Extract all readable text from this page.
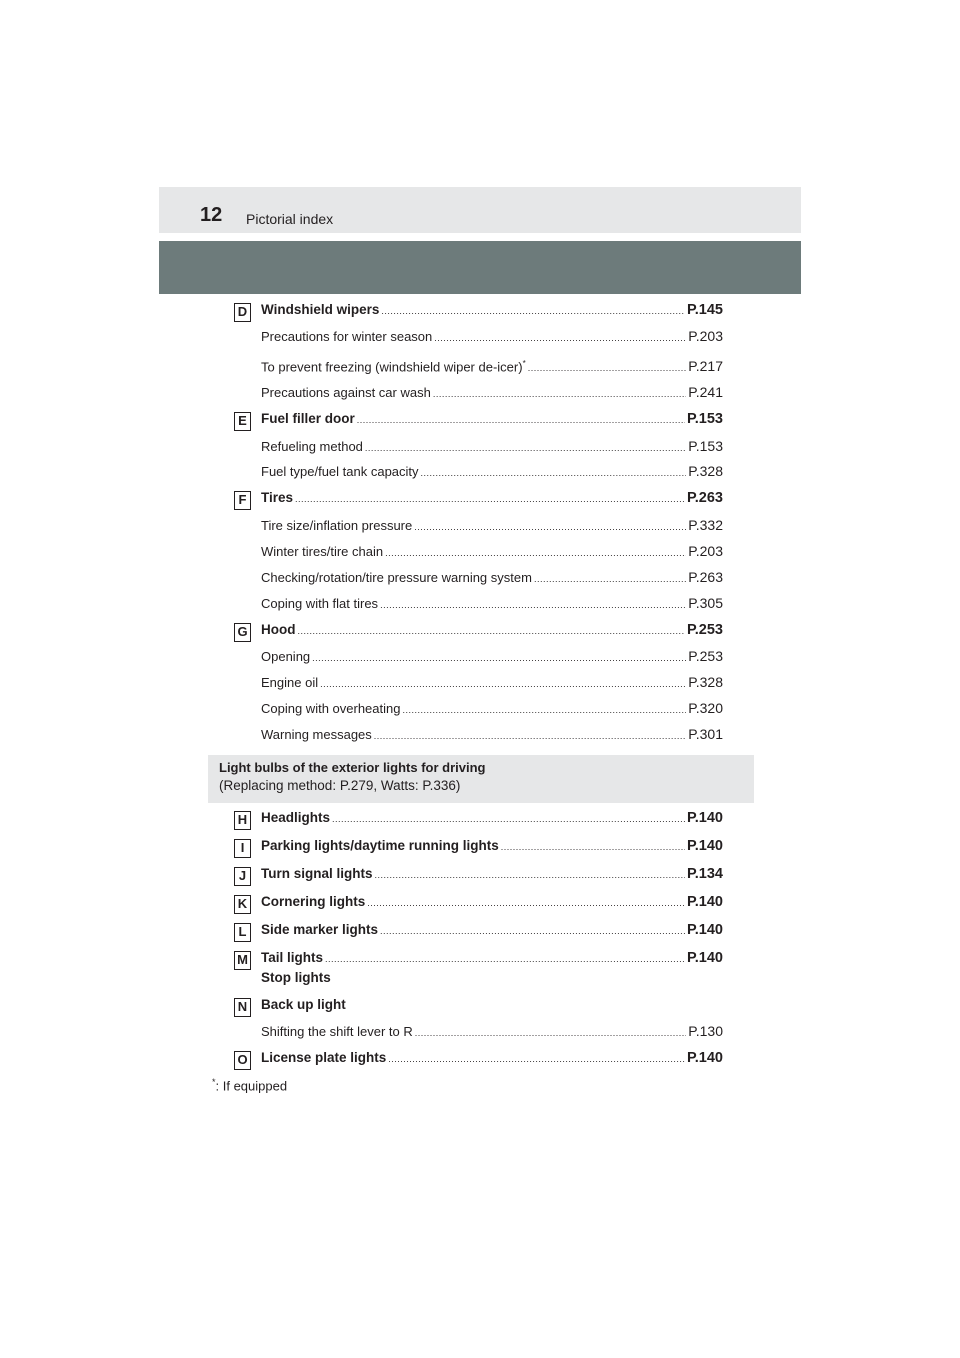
12 Pictorial index
D Windshield wipers .....	P.145
Precautions for winter season .....	P.203
To prevent freezing (windshield wiper de-icer)* .....	P.217
Precautions against car wash .....	P.241
E	Fuel filler door .....	P.153
Refueling method .....	P.153
Fuel type/fuel tank capacity .....	P.328
F	Tires .....	P.263
Tire size/inflation pressure .....	P.332
Winter tires/tire chain .....	P.203
Checking/rotation/tire pressure warning system .....	P.263
Coping with flat tires .....	P.305
G Hood .....	P.253
Opening .....	P.253
Engine oil .....	P.328
Coping with overheating .....	P.320
Warning messages .....	P.301
Light bulbs of the exterior lights for driving
(Replacing method: P.279, Watts: P.336)
H Headlights .....	P.140
I	Parking lights/daytime running lights .....	P.140
J	Turn signal lights .....	P.134
K Cornering lights .....	P.140
L	Side marker lights .....	P.140
M Tail lights .....	P.140
Stop lights
N Back up light
Shifting the shift lever to R .....	P.130
O License plate lights .....	P.140
*: If equipped
